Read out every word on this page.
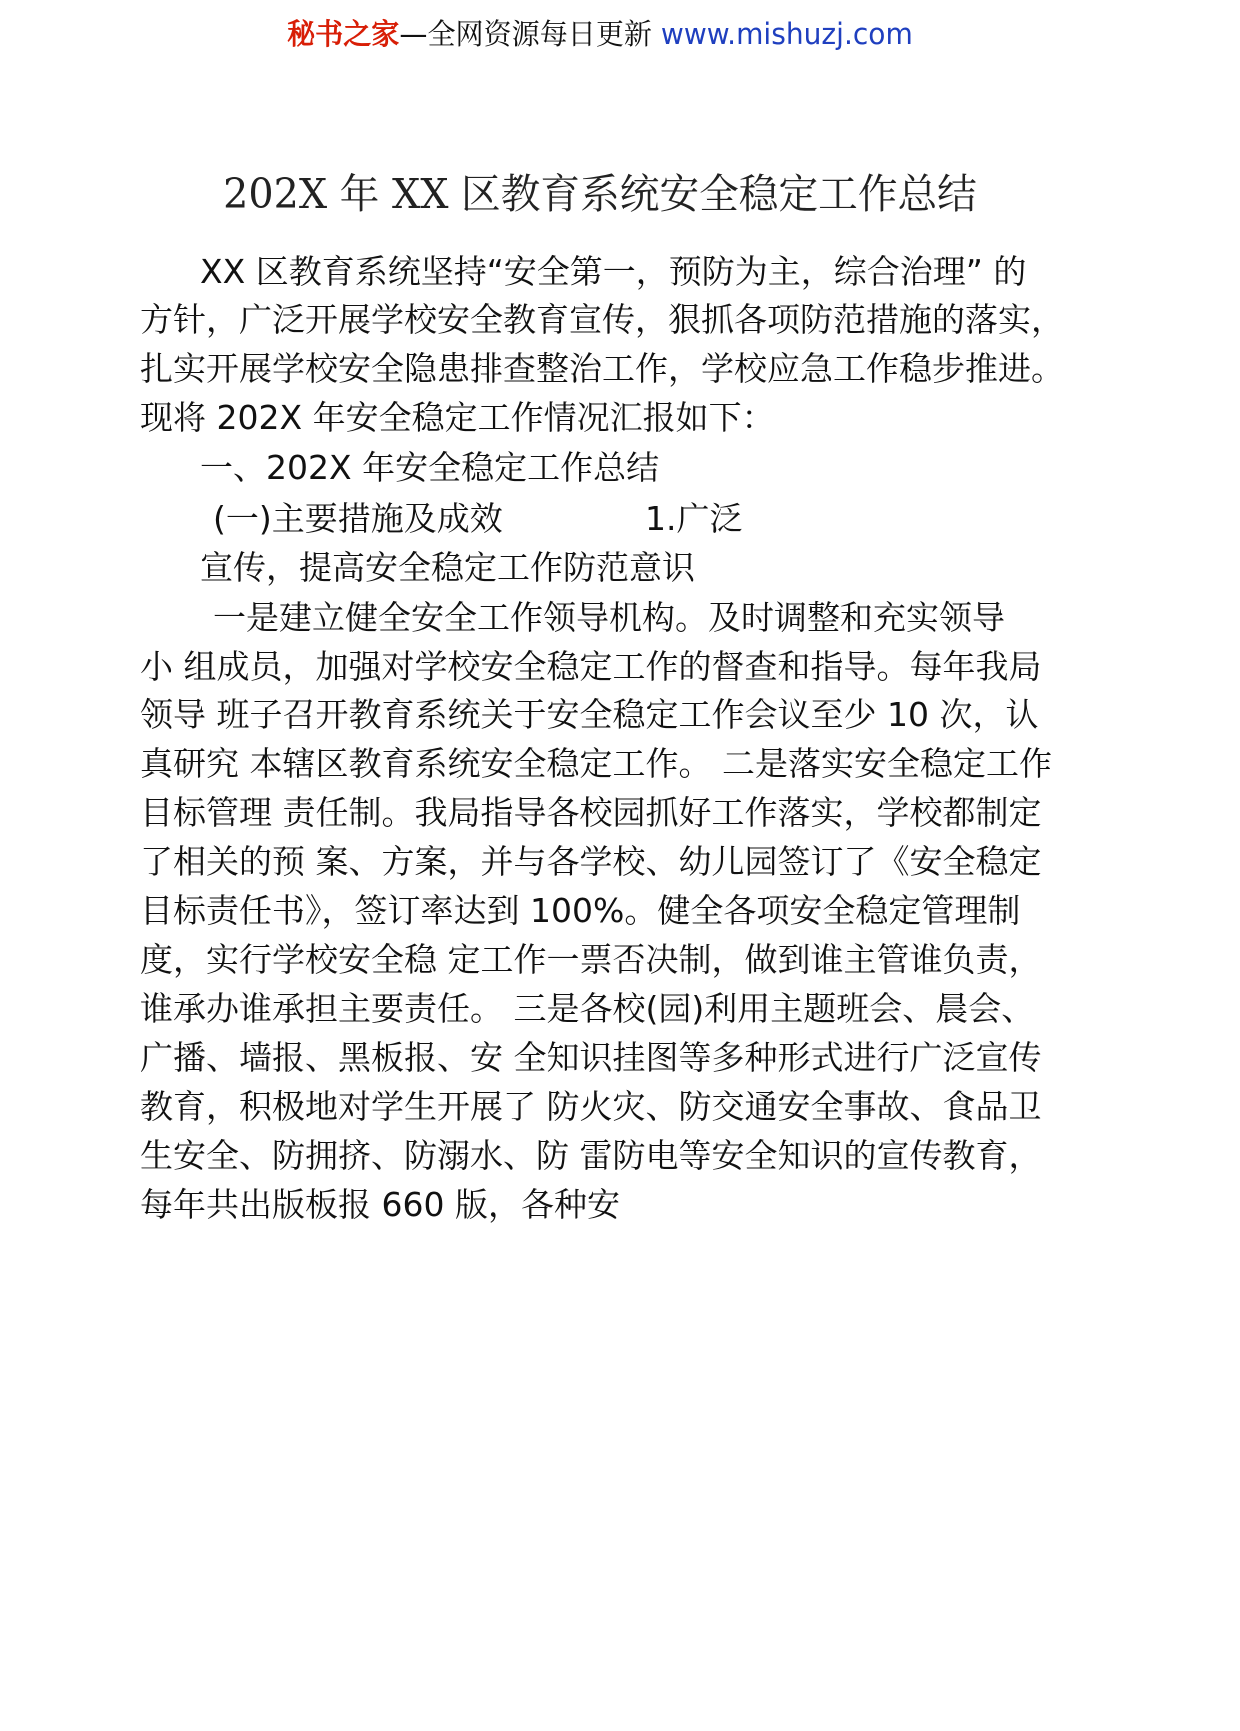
秘书之家—全网资源每日更新 www.mishuzj.com
202X 年 XX 区教育系统安全稳定工作总结
XX 区教育系统坚持“安全第一，预防为主，综合治理” 的
方针，广泛开展学校安全教育宣传，狠抓各项防范措施的落实，
扎实开展学校安全隐患排查整治工作，学校应急工作稳步推进。
现将 202X 年安全稳定工作情况汇报如下：
一、202X 年安全稳定工作总结
(一)主要措施及成效	1.广泛
宣传，提高安全稳定工作防范意识
一是建立健全安全工作领导机构。及时调整和充实领导
小 组成员，加强对学校安全稳定工作的督查和指导。每年我局
领导 班子召开教育系统关于安全稳定工作会议至少 10 次，认
真研究 本辖区教育系统安全稳定工作。 二是落实安全稳定工作
目标管理 责任制。我局指导各校园抓好工作落实，学校都制定
了相关的预 案、方案，并与各学校、幼儿园签订了《安全稳定
目标责任书》，签订率达到 100%。健全各项安全稳定管理制
度，实行学校安全稳 定工作一票否决制，做到谁主管谁负责，
谁承办谁承担主要责任。 三是各校(园)利用主题班会、晨会、
广播、墙报、黑板报、安 全知识挂图等多种形式进行广泛宣传
教育，积极地对学生开展了 防火灾、防交通安全事故、食品卫
生安全、防拥挤、防溺水、防 雷防电等安全知识的宣传教育，
每年共出版板报 660 版，各种安
